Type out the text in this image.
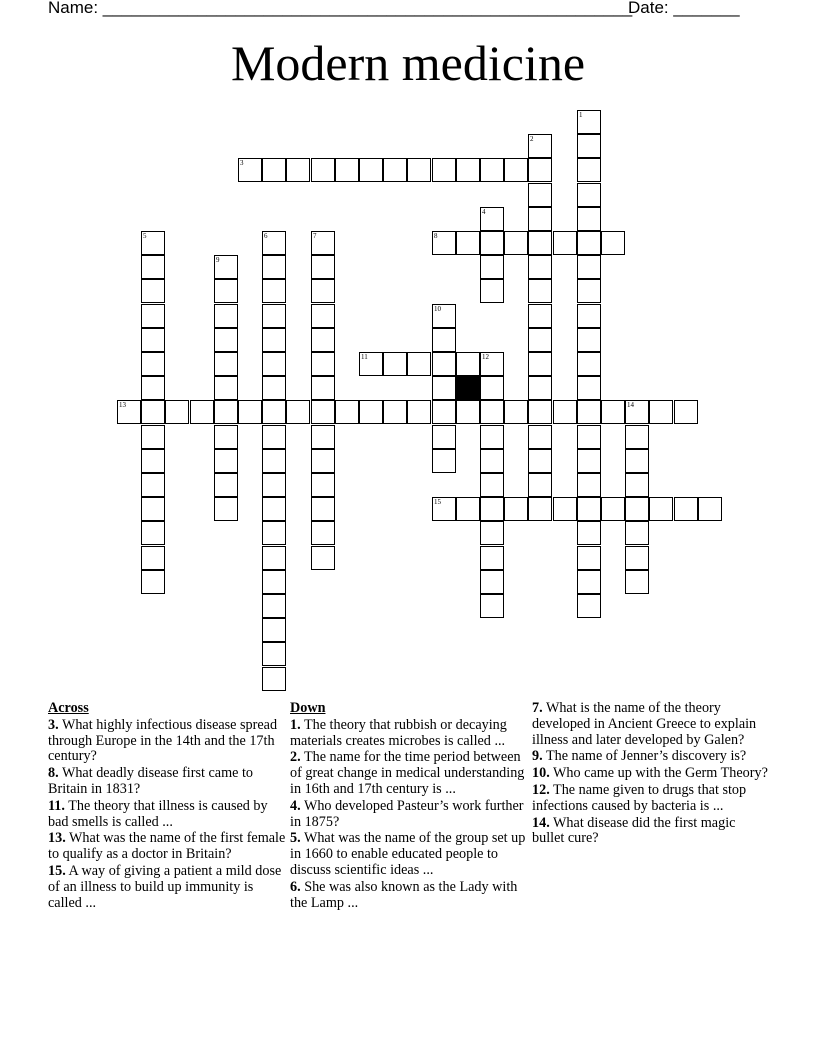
Name: ________________________________________________________
Date: _______
Modern medicine
1
2
3
4
5	6	7	8
9
10
11	12
13	14
15
Across
3. What highly infectious disease spread through Europe in the 14th and the 17th century?
8. What deadly disease first came to Britain in 1831?
11. The theory that illness is caused by bad smells is called ...
13. What was the name of the first female to qualify as a doctor in Britain?
15. A way of giving a patient a mild dose of an illness to build up immunity is called ...
Down
1. The theory that rubbish or decaying materials creates microbes is called ...
2. The name for the time period between of great change in medical understanding in 16th and 17th century is ...
4. Who developed Pasteur’s work further in 1875?
5. What was the name of the group set up in 1660 to enable educated people to discuss scientific ideas ...
6. She was also known as the Lady with the Lamp ...
7. What is the name of the theory developed in Ancient Greece to explain illness and later developed by Galen?
9. The name of Jenner’s discovery is?
10. Who came up with the Germ Theory?
12. The name given to drugs that stop infections caused by bacteria is ...
14. What disease did the first magic bullet cure?
